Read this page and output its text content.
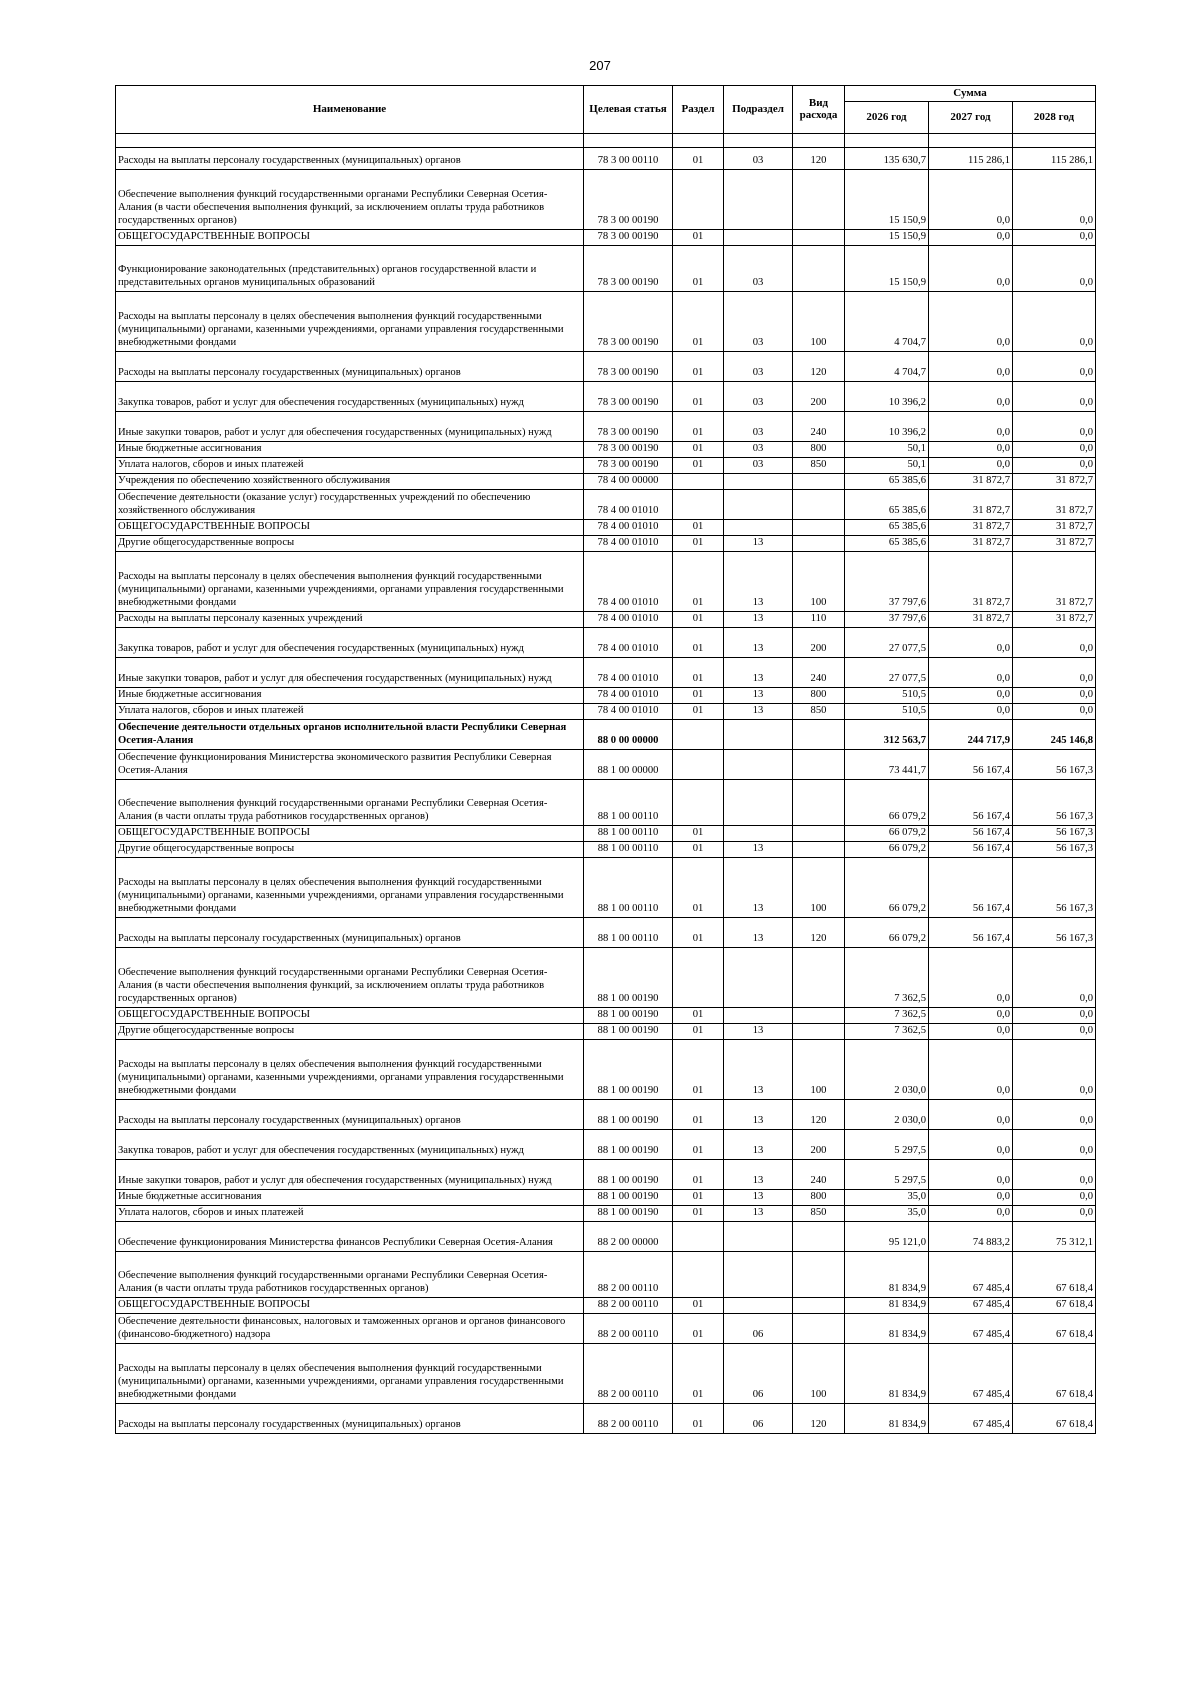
207
Наименование	Целевая статья	Раздел	Подраздел	Вид расхода	Сумма		
					2026 год	2027 год	2028 год

Расходы на выплаты персоналу государственных (муниципальных) органов	78 3 00 00110	01	03	120	135 630,7	115 286,1	115 286,1
Обеспечение выполнения функций государственными органами Республики Северная Осетия-Алания (в части обеспечения выполнения функций, за исключением оплаты труда работников государственных органов)	78 3 00 00190				15 150,9	0,0	0,0
ОБЩЕГОСУДАРСТВЕННЫЕ ВОПРОСЫ	78 3 00 00190	01			15 150,9	0,0	0,0
Функционирование законодательных (представительных) органов государственной власти и представительных органов муниципальных образований	78 3 00 00190	01	03		15 150,9	0,0	0,0
Расходы на выплаты персоналу в целях обеспечения выполнения функций государственными (муниципальными) органами, казенными учреждениями, органами управления государственными внебюджетными фондами	78 3 00 00190	01	03	100	4 704,7	0,0	0,0
Расходы на выплаты персоналу государственных (муниципальных) органов	78 3 00 00190	01	03	120	4 704,7	0,0	0,0
Закупка товаров, работ и услуг для обеспечения государственных (муниципальных) нужд	78 3 00 00190	01	03	200	10 396,2	0,0	0,0
Иные закупки товаров, работ и услуг для обеспечения государственных (муниципальных) нужд	78 3 00 00190	01	03	240	10 396,2	0,0	0,0
Иные бюджетные ассигнования	78 3 00 00190	01	03	800	50,1	0,0	0,0
Уплата налогов, сборов и иных платежей	78 3 00 00190	01	03	850	50,1	0,0	0,0
Учреждения по обеспечению хозяйственного обслуживания	78 4 00 00000				65 385,6	31 872,7	31 872,7
Обеспечение деятельности (оказание услуг) государственных учреждений по обеспечению хозяйственного обслуживания	78 4 00 01010				65 385,6	31 872,7	31 872,7
ОБЩЕГОСУДАРСТВЕННЫЕ ВОПРОСЫ	78 4 00 01010	01			65 385,6	31 872,7	31 872,7
Другие общегосударственные вопросы	78 4 00 01010	01	13		65 385,6	31 872,7	31 872,7
Расходы на выплаты персоналу в целях обеспечения выполнения функций государственными (муниципальными) органами, казенными учреждениями, органами управления государственными внебюджетными фондами	78 4 00 01010	01	13	100	37 797,6	31 872,7	31 872,7
Расходы на выплаты персоналу казенных учреждений	78 4 00 01010	01	13	110	37 797,6	31 872,7	31 872,7
Закупка товаров, работ и услуг для обеспечения государственных (муниципальных) нужд	78 4 00 01010	01	13	200	27 077,5	0,0	0,0
Иные закупки товаров, работ и услуг для обеспечения государственных (муниципальных) нужд	78 4 00 01010	01	13	240	27 077,5	0,0	0,0
Иные бюджетные ассигнования	78 4 00 01010	01	13	800	510,5	0,0	0,0
Уплата налогов, сборов и иных платежей	78 4 00 01010	01	13	850	510,5	0,0	0,0
Обеспечение деятельности отдельных органов исполнительной власти Республики Северная Осетия-Алания	88 0 00 00000				312 563,7	244 717,9	245 146,8
Обеспечение функционирования Министерства экономического развития Республики Северная Осетия-Алания	88 1 00 00000				73 441,7	56 167,4	56 167,3
Обеспечение выполнения функций государственными органами Республики Северная Осетия-Алания (в части оплаты труда работников государственных органов)	88 1 00 00110				66 079,2	56 167,4	56 167,3
ОБЩЕГОСУДАРСТВЕННЫЕ ВОПРОСЫ	88 1 00 00110	01			66 079,2	56 167,4	56 167,3
Другие общегосударственные вопросы	88 1 00 00110	01	13		66 079,2	56 167,4	56 167,3
Расходы на выплаты персоналу в целях обеспечения выполнения функций государственными (муниципальными) органами, казенными учреждениями, органами управления государственными внебюджетными фондами	88 1 00 00110	01	13	100	66 079,2	56 167,4	56 167,3
Расходы на выплаты персоналу государственных (муниципальных) органов	88 1 00 00110	01	13	120	66 079,2	56 167,4	56 167,3
Обеспечение выполнения функций государственными органами Республики Северная Осетия-Алания (в части обеспечения выполнения функций, за исключением оплаты труда работников государственных органов)	88 1 00 00190				7 362,5	0,0	0,0
ОБЩЕГОСУДАРСТВЕННЫЕ ВОПРОСЫ	88 1 00 00190	01			7 362,5	0,0	0,0
Другие общегосударственные вопросы	88 1 00 00190	01	13		7 362,5	0,0	0,0
Расходы на выплаты персоналу в целях обеспечения выполнения функций государственными (муниципальными) органами, казенными учреждениями, органами управления государственными внебюджетными фондами	88 1 00 00190	01	13	100	2 030,0	0,0	0,0
Расходы на выплаты персоналу государственных (муниципальных) органов	88 1 00 00190	01	13	120	2 030,0	0,0	0,0
Закупка товаров, работ и услуг для обеспечения государственных (муниципальных) нужд	88 1 00 00190	01	13	200	5 297,5	0,0	0,0
Иные закупки товаров, работ и услуг для обеспечения государственных (муниципальных) нужд	88 1 00 00190	01	13	240	5 297,5	0,0	0,0
Иные бюджетные ассигнования	88 1 00 00190	01	13	800	35,0	0,0	0,0
Уплата налогов, сборов и иных платежей	88 1 00 00190	01	13	850	35,0	0,0	0,0
Обеспечение функционирования Министерства финансов Республики Северная Осетия-Алания	88 2 00 00000				95 121,0	74 883,2	75 312,1
Обеспечение выполнения функций государственными органами Республики Северная Осетия-Алания (в части оплаты труда работников государственных органов)	88 2 00 00110				81 834,9	67 485,4	67 618,4
ОБЩЕГОСУДАРСТВЕННЫЕ ВОПРОСЫ	88 2 00 00110	01			81 834,9	67 485,4	67 618,4
Обеспечение деятельности финансовых, налоговых и таможенных органов и органов финансового (финансово-бюджетного) надзора	88 2 00 00110	01	06		81 834,9	67 485,4	67 618,4
Расходы на выплаты персоналу в целях обеспечения выполнения функций государственными (муниципальными) органами, казенными учреждениями, органами управления государственными внебюджетными фондами	88 2 00 00110	01	06	100	81 834,9	67 485,4	67 618,4
Расходы на выплаты персоналу государственных (муниципальных) органов	88 2 00 00110	01	06	120	81 834,9	67 485,4	67 618,4
